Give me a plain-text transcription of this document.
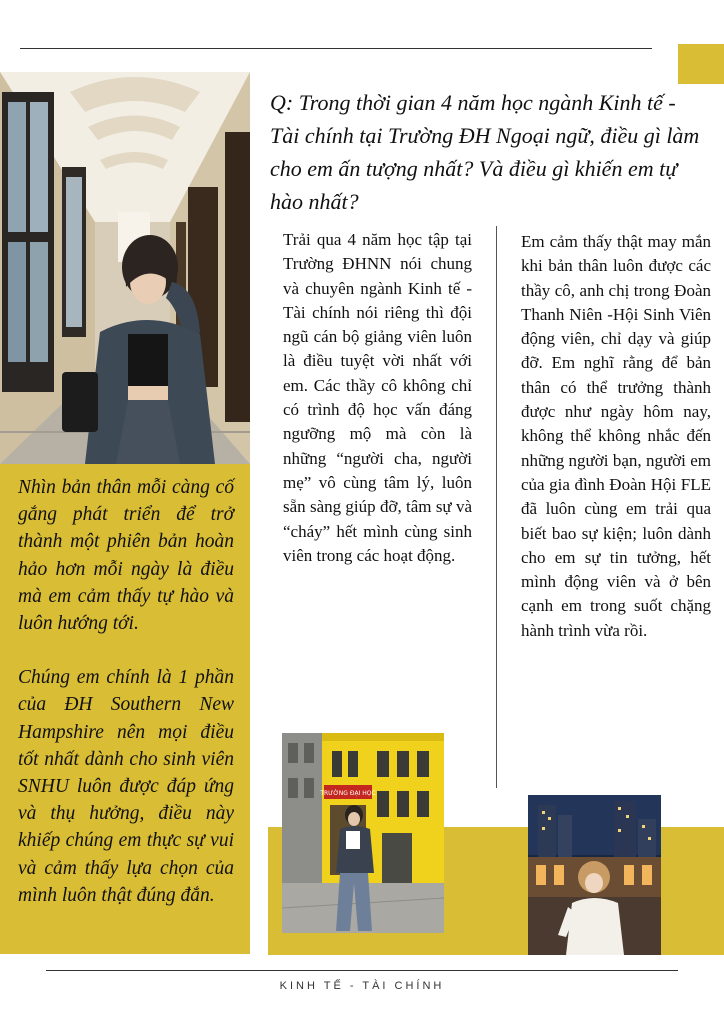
Nhìn bản thân mỗi càng cố gắng phát triển để trở thành một phiên bản hoàn hảo hơn mỗi ngày là điều mà em cảm thấy tự hào và luôn hướng tới.

Chúng em chính là 1 phần của ĐH Southern New Hampshire nên mọi điều tốt nhất dành cho sinh viên SNHU luôn được đáp ứng và thụ hưởng, điều này khiếp chúng em thực sự vui và cảm thấy lựa chọn của mình luôn thật đúng đắn.

Q: Trong thời gian 4 năm học ngành Kinh tế - Tài chính tại Trường ĐH Ngoại ngữ, điều gì làm cho em ấn tượng nhất? Và điều gì khiến em tự hào nhất?
Trải qua 4 năm học tập tại Trường ĐHNN nói chung và chuyên ngành Kinh tế - Tài chính nói riêng thì đội ngũ cán bộ giảng viên luôn là điều tuyệt vời nhất với em. Các thầy cô không chỉ có trình độ học vấn đáng ngưỡng mộ mà còn là những “người cha, người mẹ” vô cùng tâm lý, luôn sẵn sàng giúp đỡ, tâm sự và “cháy” hết mình cùng sinh viên trong các hoạt động.
Em cảm thấy thật may mắn khi bản thân luôn được các thầy cô, anh chị trong Đoàn Thanh Niên -Hội Sinh Viên động viên, chỉ dạy và giúp đỡ. Em nghĩ rằng để bản thân có thể trưởng thành được như ngày hôm nay, không thể không nhắc đến những người bạn, người em của gia đình Đoàn Hội FLE đã luôn cùng em trải qua biết bao sự kiện; luôn dành cho em sự tin tưởng, hết mình động viên và ở bên cạnh em trong suốt chặng hành trình vừa rồi.
TRƯỜNG ĐẠI HỌC
KINH TẾ - TÀI CHÍNH
